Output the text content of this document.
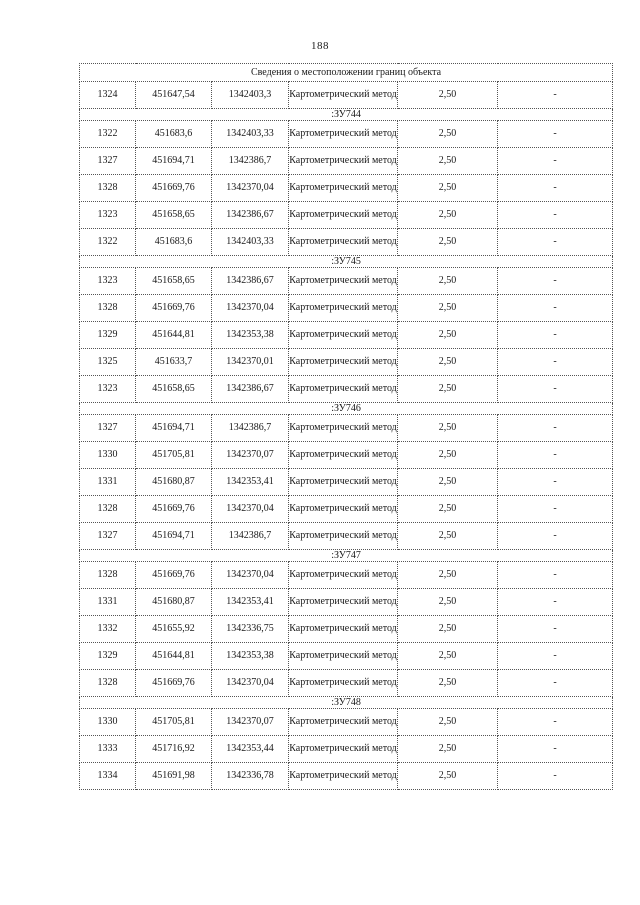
188
Сведения о местоположении границ объекта					
1324	451647,54	1342403,3	Картометрический метод	2,50	-
:ЗУ744					
1322	451683,6	1342403,33	Картометрический метод	2,50	-
1327	451694,71	1342386,7	Картометрический метод	2,50	-
1328	451669,76	1342370,04	Картометрический метод	2,50	-
1323	451658,65	1342386,67	Картометрический метод	2,50	-
1322	451683,6	1342403,33	Картометрический метод	2,50	-
:ЗУ745					
1323	451658,65	1342386,67	Картометрический метод	2,50	-
1328	451669,76	1342370,04	Картометрический метод	2,50	-
1329	451644,81	1342353,38	Картометрический метод	2,50	-
1325	451633,7	1342370,01	Картометрический метод	2,50	-
1323	451658,65	1342386,67	Картометрический метод	2,50	-
:ЗУ746					
1327	451694,71	1342386,7	Картометрический метод	2,50	-
1330	451705,81	1342370,07	Картометрический метод	2,50	-
1331	451680,87	1342353,41	Картометрический метод	2,50	-
1328	451669,76	1342370,04	Картометрический метод	2,50	-
1327	451694,71	1342386,7	Картометрический метод	2,50	-
:ЗУ747					
1328	451669,76	1342370,04	Картометрический метод	2,50	-
1331	451680,87	1342353,41	Картометрический метод	2,50	-
1332	451655,92	1342336,75	Картометрический метод	2,50	-
1329	451644,81	1342353,38	Картометрический метод	2,50	-
1328	451669,76	1342370,04	Картометрический метод	2,50	-
:ЗУ748					
1330	451705,81	1342370,07	Картометрический метод	2,50	-
1333	451716,92	1342353,44	Картометрический метод	2,50	-
1334	451691,98	1342336,78	Картометрический метод	2,50	-
